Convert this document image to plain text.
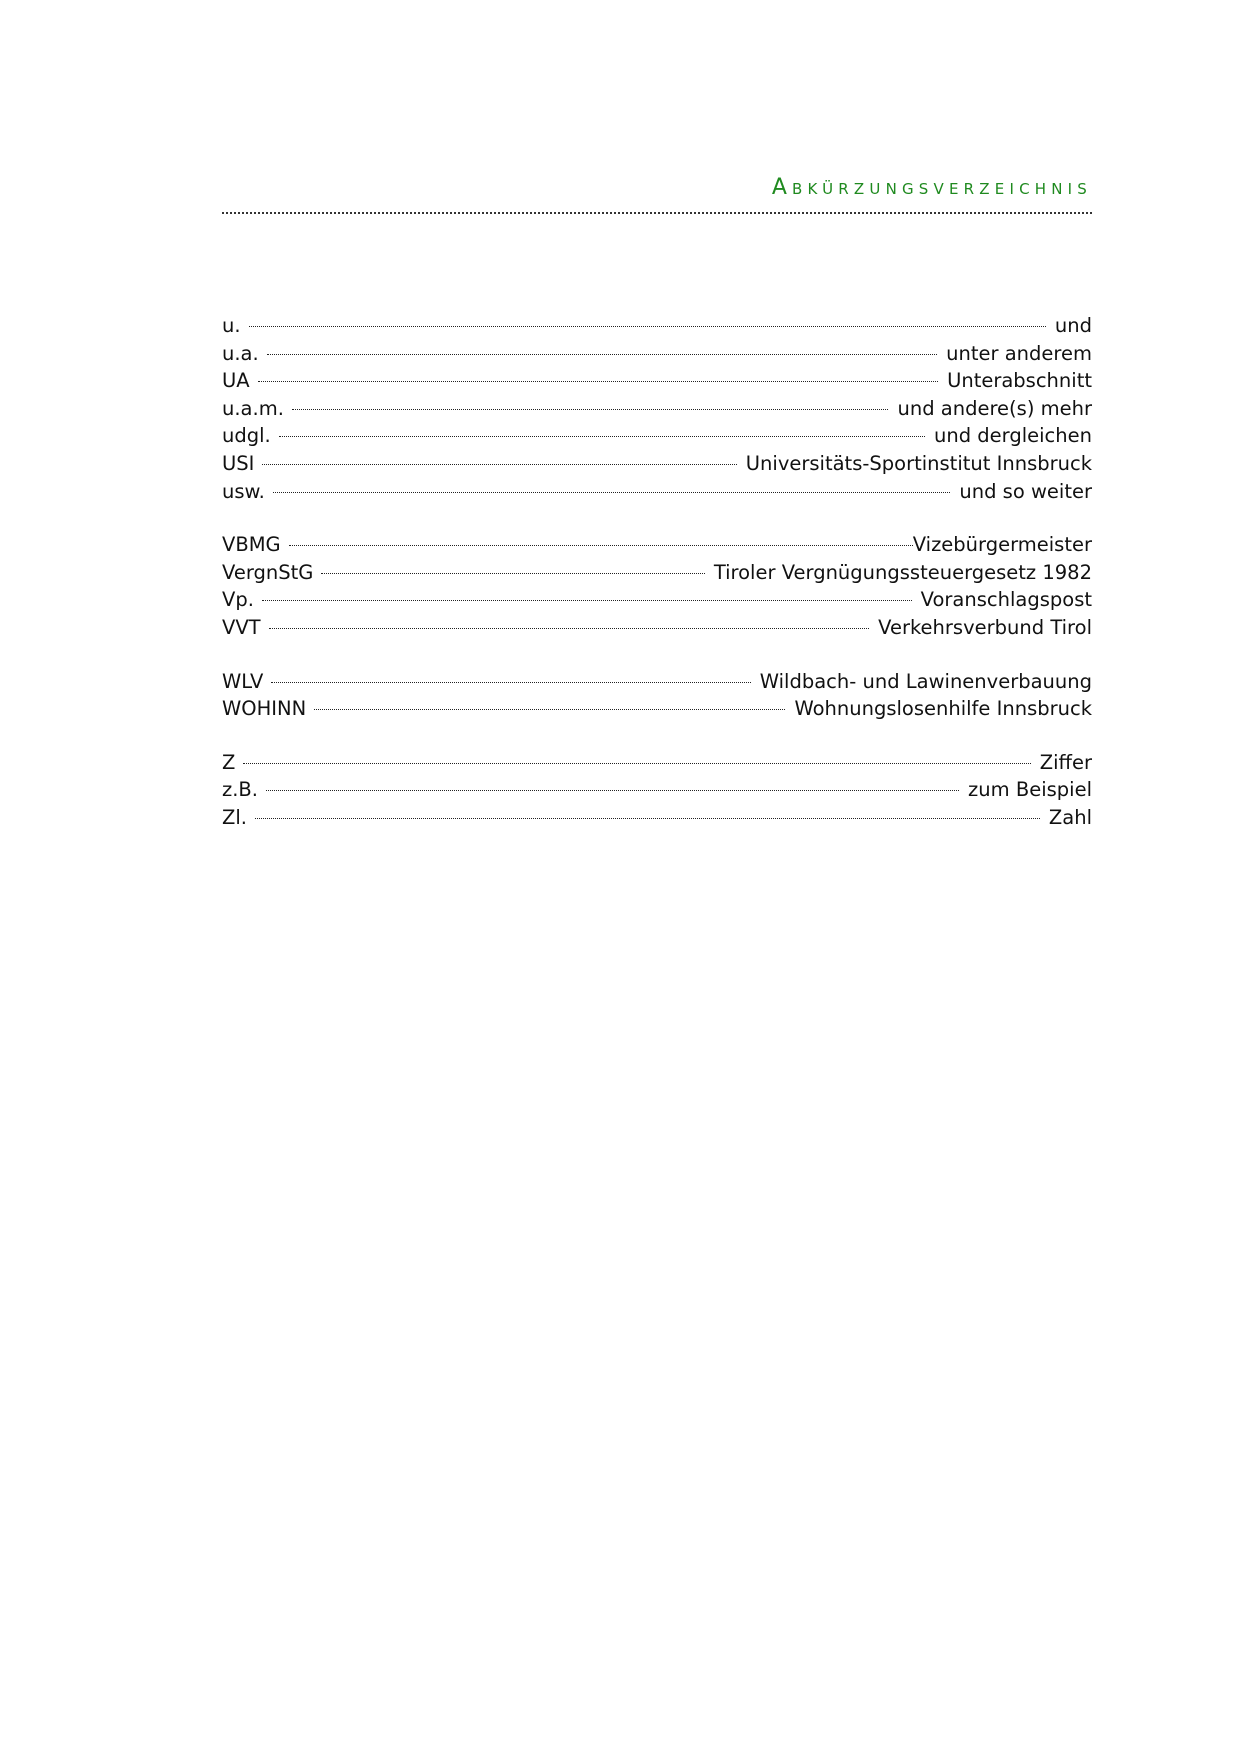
ABKÜRZUNGSVERZEICHNIS
u.	und
u.a.	unter anderem
UA	Unterabschnitt
u.a.m.	und andere(s) mehr
udgl.	und dergleichen
USI	Universitäts-Sportinstitut Innsbruck
usw.	und so weiter
VBMG	Vizebürgermeister
VergnStG	Tiroler Vergnügungssteuergesetz 1982
Vp.	Voranschlagspost
VVT	Verkehrsverbund Tirol
WLV	Wildbach- und Lawinenverbauung
WOHINN	Wohnungslosenhilfe Innsbruck
Z	Ziffer
z.B.	zum Beispiel
Zl.	Zahl
